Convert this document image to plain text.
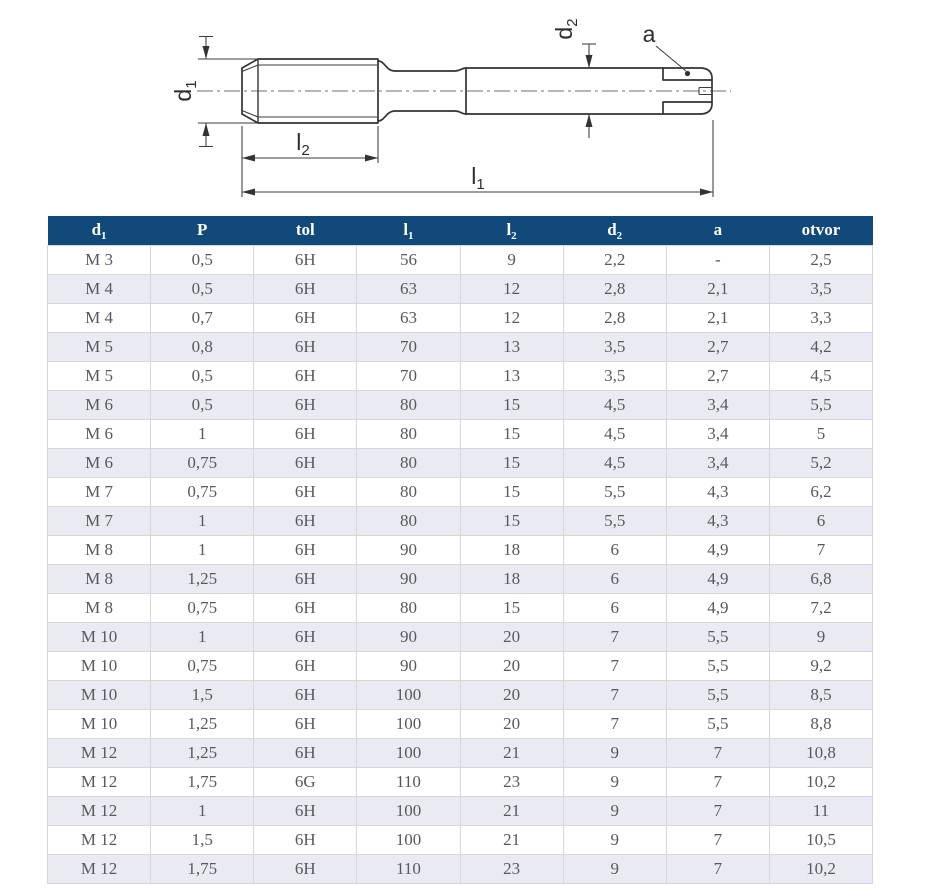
$d_1$
$l_2$
$l_1$
$d_2$	a
$d_1$	P	tol	$l_1$	$l_2$	$d_2$	a	otvor
M 3	0,5	6H	56	9	2,2	-	2,5
M 4	0,5	6H	63	12	2,8	2,1	3,5
M 4	0,7	6H	63	12	2,8	2,1	3,3
M 5	0,8	6H	70	13	3,5	2,7	4,2
M 5	0,5	6H	70	13	3,5	2,7	4,5
M 6	0,5	6H	80	15	4,5	3,4	5,5
M 6	1	6H	80	15	4,5	3,4	5
M 6	0,75	6H	80	15	4,5	3,4	5,2
M 7	0,75	6H	80	15	5,5	4,3	6,2
M 7	1	6H	80	15	5,5	4,3	6
M 8	1	6H	90	18	6	4,9	7
M 8	1,25	6H	90	18	6	4,9	6,8
M 8	0,75	6H	80	15	6	4,9	7,2
M 10	1	6H	90	20	7	5,5	9
M 10	0,75	6H	90	20	7	5,5	9,2
M 10	1,5	6H	100	20	7	5,5	8,5
M 10	1,25	6H	100	20	7	5,5	8,8
M 12	1,25	6H	100	21	9	7	10,8
M 12	1,75	6G	110	23	9	7	10,2
M 12	1	6H	100	21	9	7	11
M 12	1,5	6H	100	21	9	7	10,5
M 12	1,75	6H	110	23	9	7	10,2
